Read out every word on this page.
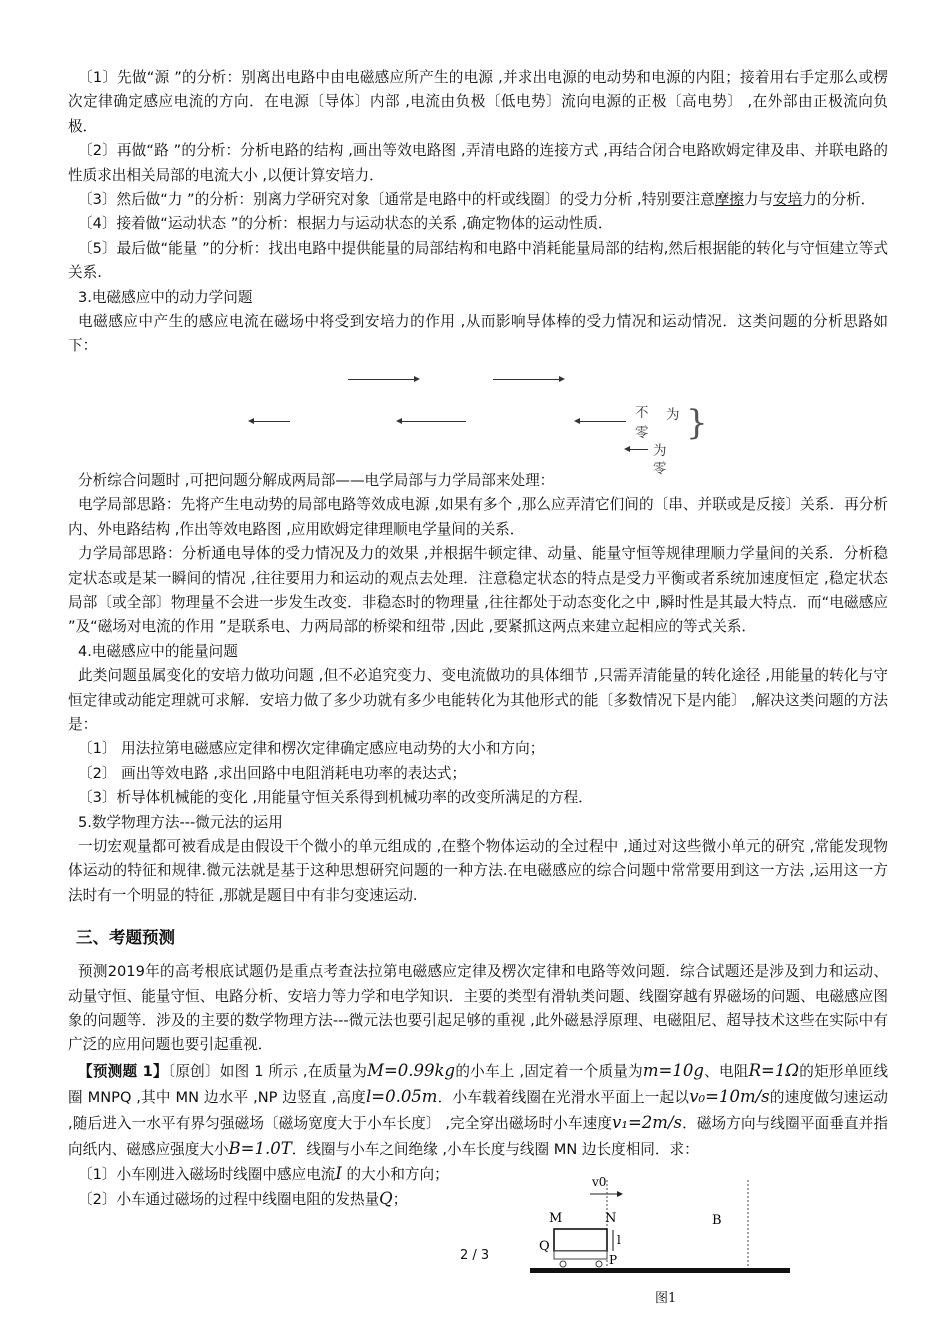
〔1〕先做“源 ”的分析：别离出电路中由电磁感应所产生的电源 ,并求出电源的电动势和电源的内阻；接着用右手定那么或楞次定律确定感应电流的方向．在电源〔导体〕内部 ,电流由负极〔低电势〕流向电源的正极〔高电势〕 ,在外部由正极流向负极．

〔2〕再做“路 ”的分析：分析电路的结构 ,画出等效电路图 ,弄清电路的连接方式 ,再结合闭合电路欧姆定律及串、并联电路的性质求出相关局部的电流大小 ,以便计算安培力．

〔3〕然后做“力 ”的分析：别离力学研究对象〔通常是电路中的杆或线圈〕的受力分析 ,特别要注意摩擦力与安培力的分析．

〔4〕接着做“运动状态 ”的分析：根据力与运动状态的关系 ,确定物体的运动性质．

〔5〕最后做“能量 ”的分析：找出电路中提供能量的局部结构和电路中消耗能量局部的结构,然后根据能的转化与守恒建立等式关系.

3.电磁感应中的动力学问题

电磁感应中产生的感应电流在磁场中将受到安培力的作用 ,从而影响导体棒的受力情况和运动情况．这类问题的分析思路如下：

不 为
零
为
零
}

分析综合问题时 ,可把问题分解成两局部——电学局部与力学局部来处理：

电学局部思路：先将产生电动势的局部电路等效成电源 ,如果有多个 ,那么应弄清它们间的〔串、并联或是反接〕关系．再分析内、外电路结构 ,作出等效电路图 ,应用欧姆定律理顺电学量间的关系．

力学局部思路：分析通电导体的受力情况及力的效果 ,并根据牛顿定律、动量、能量守恒等规律理顺力学量间的关系．分析稳定状态或是某一瞬间的情况 ,往往要用力和运动的观点去处理．注意稳定状态的特点是受力平衡或者系统加速度恒定 ,稳定状态局部〔或全部〕物理量不会进一步发生改变．非稳态时的物理量 ,往往都处于动态变化之中 ,瞬时性是其最大特点．而“电磁感应 ”及“磁场对电流的作用 ”是联系电、力两局部的桥梁和纽带 ,因此 ,要紧抓这两点来建立起相应的等式关系．

4.电磁感应中的能量问题

此类问题虽属变化的安培力做功问题 ,但不必追究变力、变电流做功的具体细节 ,只需弄清能量的转化途径 ,用能量的转化与守恒定律或动能定理就可求解．安培力做了多少功就有多少电能转化为其他形式的能〔多数情况下是内能〕 ,解决这类问题的方法是：

〔1〕 用法拉第电磁感应定律和楞次定律确定感应电动势的大小和方向；

〔2〕 画出等效电路 ,求出回路中电阻消耗电功率的表达式；

〔3〕析导体机械能的变化 ,用能量守恒关系得到机械功率的改变所满足的方程．

5.数学物理方法---微元法的运用

一切宏观量都可被看成是由假设干个微小的单元组成的 ,在整个物体运动的全过程中 ,通过对这些微小单元的研究 ,常能发现物体运动的特征和规律.微元法就是基于这种思想研究问题的一种方法.在电磁感应的综合问题中常常要用到这一方法 ,运用这一方法时有一个明显的特征 ,那就是题目中有非匀变速运动.

三、考题预测

预测2019年的高考根底试题仍是重点考查法拉第电磁感应定律及楞次定律和电路等效问题．综合试题还是涉及到力和运动、动量守恒、能量守恒、电路分析、安培力等力学和电学知识．主要的类型有滑轨类问题、线圈穿越有界磁场的问题、电磁感应图象的问题等．涉及的主要的数学物理方法---微元法也要引起足够的重视 ,此外磁悬浮原理、电磁阻尼、超导技术这些在实际中有广泛的应用问题也要引起重视．

【预测题 1】〔原创〕如图 1 所示 ,在质量为M=0.99kg的小车上 ,固定着一个质量为m=10g、电阻R=1Ω的矩形单匝线圈 MNPQ ,其中 MN 边水平 ,NP 边竖直 ,高度l=0.05m．小车载着线圈在光滑水平面上一起以v₀=10m/s的速度做匀速运动 ,随后进入一水平有界匀强磁场〔磁场宽度大于小车长度〕 ,完全穿出磁场时小车速度v₁=2m/s．磁场方向与线圈平面垂直并指向纸内、磁感应强度大小B=1.0T．线圈与小车之间绝缘 ,小车长度与线圈 MN 边长度相同．求：

〔1〕小车刚进入磁场时线圈中感应电流I 的大小和方向；

〔2〕小车通过磁场的过程中线圈电阻的发热量Q；

2 / 3
v0
M	N	B
Q
P
l
图1
